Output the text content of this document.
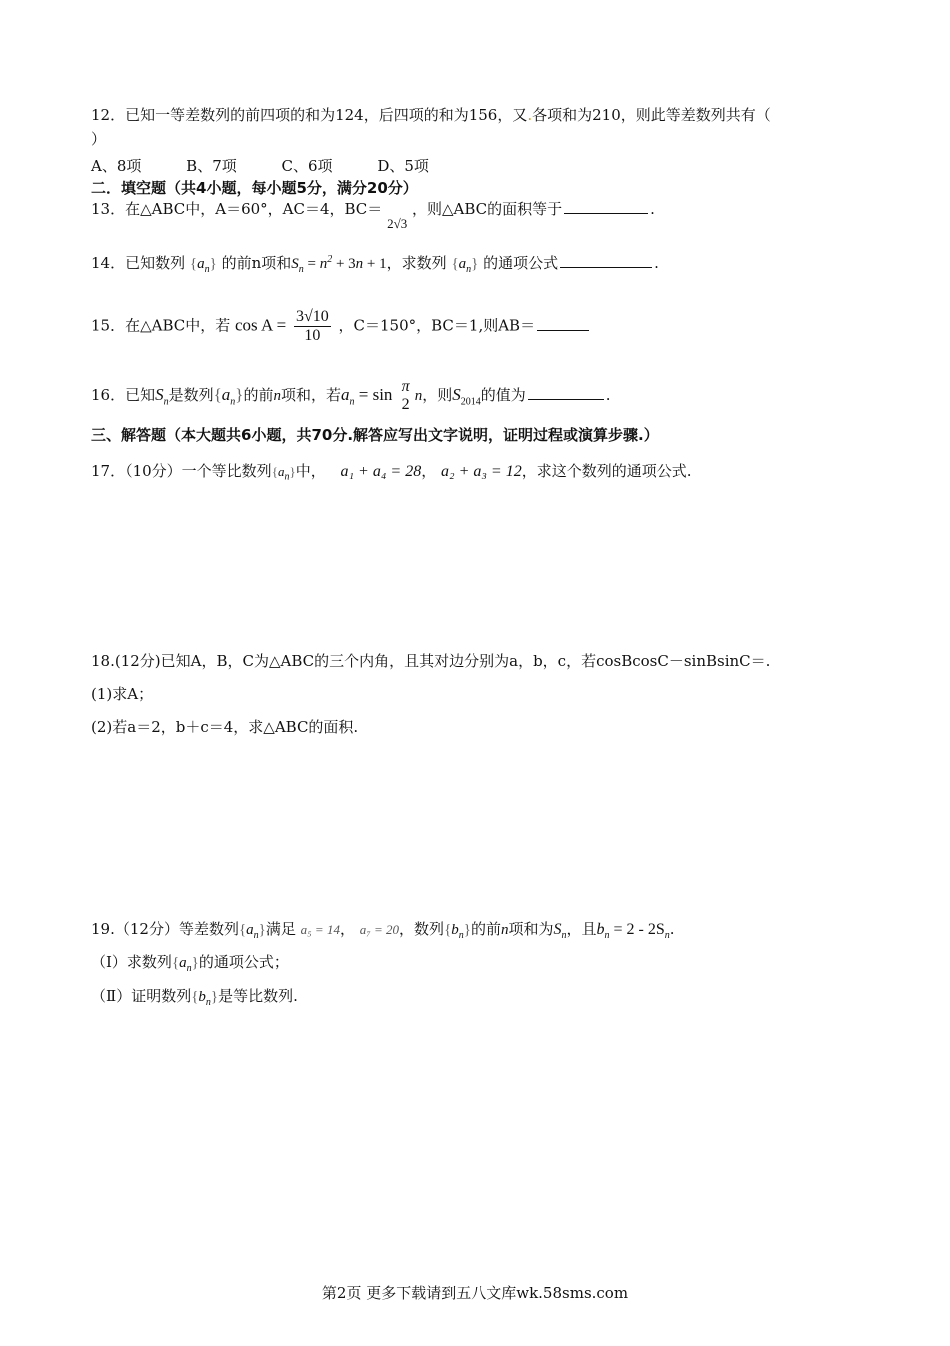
12．已知一等差数列的前四项的和为124，后四项的和为156，又.各项和为210，则此等差数列共有（
）
A、8项	B、7项	C、6项	D、5项
二．填空题（共4小题，每小题5分，满分20分）
13．在△ABC中，A＝60°，AC＝4，BC＝ 2√3 ，则△ABC的面积等于	.
14．已知数列 $\{a_n\}$ 的前n项和$S_n = n^2 + 3n + 1$，求数列 $\{a_n\}$ 的通项公式	.
15．在△ABC中，若 $\cos A = \frac{3√10}{10}$ ，C＝150°，BC＝1,则AB＝
16．已知$S_n$是数列$\{a_n\}$的前n项和，若$a_n = \sin \pi$
2 n，则$S_{2014}$的值为	.
三、解答题（本大题共6小题，共70分.解答应写出文字说明，证明过程或演算步骤.）
17．（10分）一个等比数列$\{a_n\}$中， a₁ + a₄ = 28， a₂ + a₃ = 12，求这个数列的通项公式.
18.(12分)已知A，B，C为△ABC的三个内角，且其对边分别为a，b，c，若cosBcosC－sinBsinC＝.
(1)求A；
(2)若a＝2，b＋c＝4，求△ABC的面积.
19.（12分）等差数列$\{a_n\}$满足 a₅ = 14， a₇ = 20，数列$\{b_n\}$的前n项和为$S_n$，且$b_n = 2 - 2S_n$.
（Ⅰ）求数列$\{a_n\}$的通项公式；
（Ⅱ）证明数列$\{b_n\}$是等比数列.
第2页 更多下载请到五八文库wk.58sms.com
